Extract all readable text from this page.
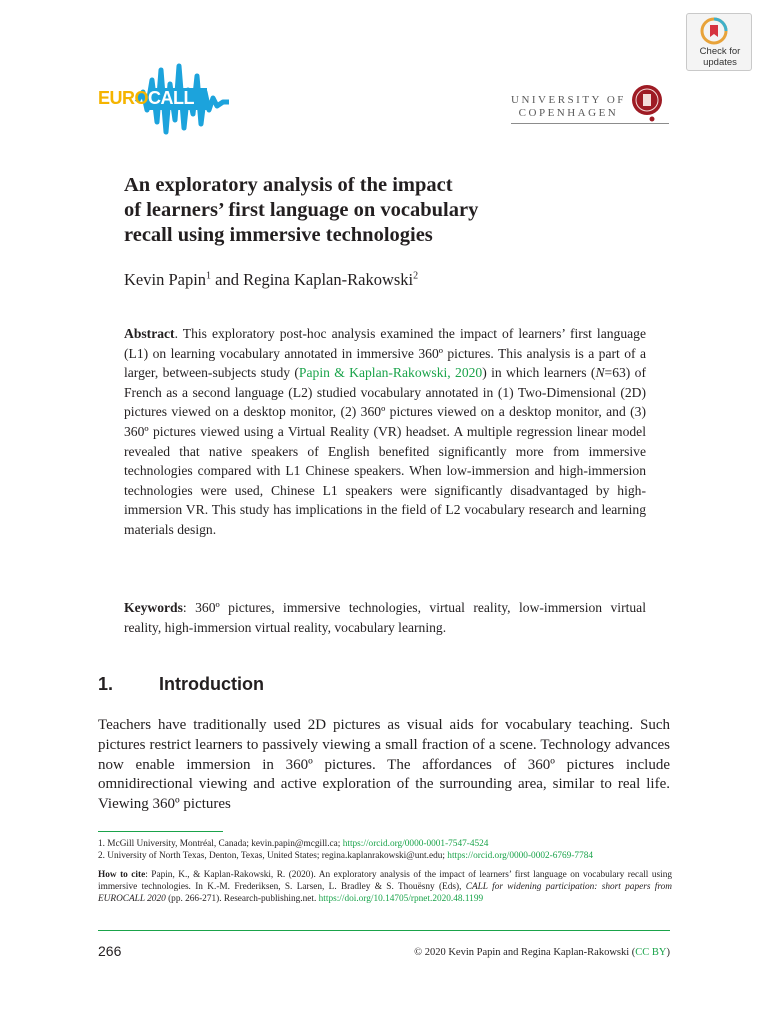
Check for
updates
EUROCALL	UNIVERSITY OF
COPENHAGEN
An exploratory analysis of the impact
of learners’ first language on vocabulary
recall using immersive technologies
Kevin Papin$^1$ and Regina Kaplan-Rakowski$^2$
Abstract. This exploratory post-hoc analysis examined the impact of learners’ first language (L1) on learning vocabulary annotated in immersive 360º pictures. This analysis is a part of a larger, between-subjects study (Papin & Kaplan-Rakowski, 2020) in which learners (N=63) of French as a second language (L2) studied vocabulary annotated in (1) Two-Dimensional (2D) pictures viewed on a desktop monitor, (2) 360º pictures viewed on a desktop monitor, and (3) 360º pictures viewed using a Virtual Reality (VR) headset. A multiple regression linear model revealed that native speakers of English benefited significantly more from immersive technologies compared with L1 Chinese speakers. When low-immersion and high-immersion technologies were used, Chinese L1 speakers were significantly disadvantaged by high-immersion VR. This study has implications in the field of L2 vocabulary research and learning materials design.
Keywords: 360º pictures, immersive technologies, virtual reality, low-immersion virtual reality, high-immersion virtual reality, vocabulary learning.
1.	Introduction
Teachers have traditionally used 2D pictures as visual aids for vocabulary teaching. Such pictures restrict learners to passively viewing a small fraction of a scene. Technology advances now enable immersion in 360º pictures. The affordances of 360º pictures include omnidirectional viewing and active exploration of the surrounding area, similar to real life. Viewing 360º pictures
1. McGill University, Montréal, Canada; kevin.papin@mcgill.ca; https://orcid.org/0000-0001-7547-4524
2. University of North Texas, Denton, Texas, United States; regina.kaplanrakowski@unt.edu; https://orcid.org/0000-0002-6769-7784
How to cite: Papin, K., & Kaplan-Rakowski, R. (2020). An exploratory analysis of the impact of learners’ first language on vocabulary recall using immersive technologies. In K.-M. Frederiksen, S. Larsen, L. Bradley & S. Thouësny (Eds), CALL for widening participation: short papers from EUROCALL 2020 (pp. 266-271). Research-publishing.net. https://doi.org/10.14705/rpnet.2020.48.1199
266	© 2020 Kevin Papin and Regina Kaplan-Rakowski (CC BY)
